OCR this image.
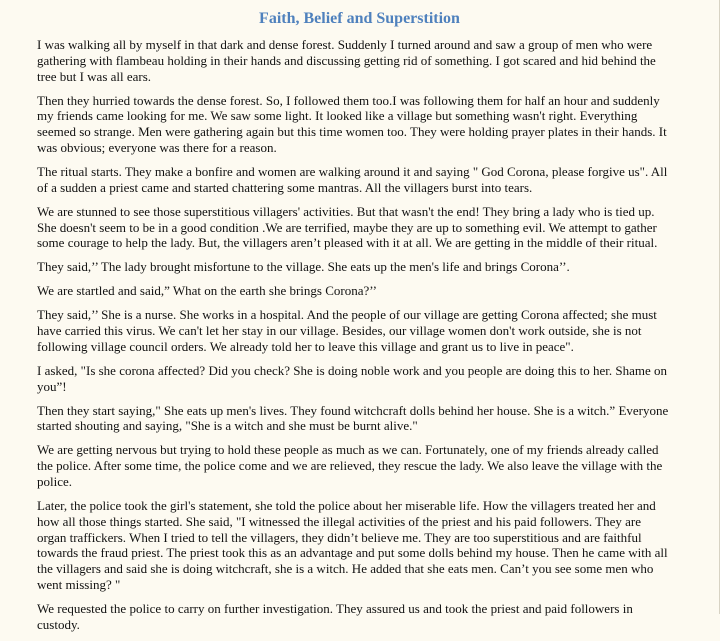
Faith, Belief and Superstition

I was walking all by myself in that dark and dense forest. Suddenly I turned around and saw a group of men who were gathering with flambeau holding in their hands and discussing getting rid of something. I got scared and hid behind the tree but I was all ears.

Then they hurried towards the dense forest. So, I followed them too.I was following them for half an hour and suddenly my friends came looking for me. We saw some light. It looked like a village but something wasn't right. Everything seemed so strange. Men were gathering again but this time women too. They were holding prayer plates in their hands. It was obvious; everyone was there for a reason.

The ritual starts. They make a bonfire and women are walking around it and saying " God Corona, please forgive us". All of a sudden a priest came and started chattering some mantras. All the villagers burst into tears.

We are stunned to see those superstitious villagers' activities. But that wasn't the end! They bring a lady who is tied up. She doesn't seem to be in a good condition .We are terrified, maybe they are up to something evil. We attempt to gather some courage to help the lady. But, the villagers aren’t pleased with it at all. We are getting in the middle of their ritual.

They said,’’ The lady brought misfortune to the village. She eats up the men's life and brings Corona’’.

We are startled and said,” What on the earth she brings Corona?’’

They said,’’ She is a nurse. She works in a hospital. And the people of our village are getting Corona affected; she must have carried this virus. We can't let her stay in our village. Besides, our village women don't work outside, she is not following village council orders. We already told her to leave this village and grant us to live in peace".

I asked, "Is she corona affected? Did you check? She is doing noble work and you people are doing this to her. Shame on you”!

Then they start saying," She eats up men's lives. They found witchcraft dolls behind her house. She is a witch.” Everyone started shouting and saying, "She is a witch and she must be burnt alive."

We are getting nervous but trying to hold these people as much as we can. Fortunately, one of my friends already called the police. After some time, the police come and we are relieved, they rescue the lady. We also leave the village with the police.

Later, the police took the girl's statement, she told the police about her miserable life. How the villagers treated her and how all those things started. She said, "I witnessed the illegal activities of the priest and his paid followers. They are organ traffickers. When I tried to tell the villagers, they didn’t believe me. They are too superstitious and are faithful towards the fraud priest. The priest took this as an advantage and put some dolls behind my house. Then he came with all the villagers and said she is doing witchcraft, she is a witch. He added that she eats men. Can’t you see some men who went missing? "

We requested the police to carry on further investigation. They assured us and took the priest and paid followers in custody.
